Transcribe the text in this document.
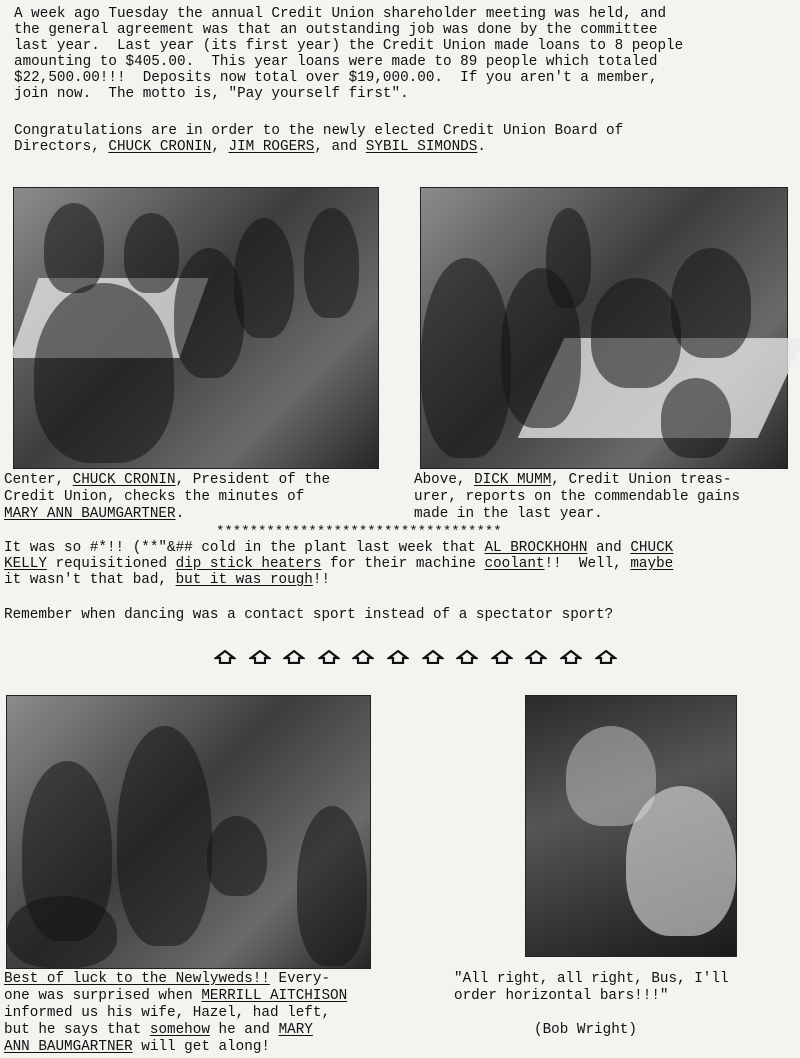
A week ago Tuesday the annual Credit Union shareholder meeting was held, and
the general agreement was that an outstanding job was done by the committee
last year.  Last year (its first year) the Credit Union made loans to 8 people
amounting to $405.00.  This year loans were made to 89 people which totaled
$22,500.00!!!  Deposits now total over $19,000.00.  If you aren't a member,
join now.  The motto is, "Pay yourself first".
Congratulations are in order to the newly elected Credit Union Board of
Directors, CHUCK CRONIN, JIM ROGERS, and SYBIL SIMONDS.
Center, CHUCK CRONIN, President of the
Credit Union, checks the minutes of
MARY ANN BAUMGARTNER.
Above, DICK MUMM, Credit Union treas-
urer, reports on the commendable gains
made in the last year.
**********************************
It was so #*!! (**"&## cold in the plant last week that AL BROCKHOHN and CHUCK
KELLY requisitioned dip stick heaters for their machine coolant!!  Well, maybe
it wasn't that bad, but it was rough!!
Remember when dancing was a contact sport instead of a spectator sport?
Best of luck to the Newlyweds!! Every-
one was surprised when MERRILL AITCHISON
informed us his wife, Hazel, had left,
but he says that somehow he and MARY
ANN BAUMGARTNER will get along!
"All right, all right, Bus, I'll
order horizontal bars!!!"
(Bob Wright)
